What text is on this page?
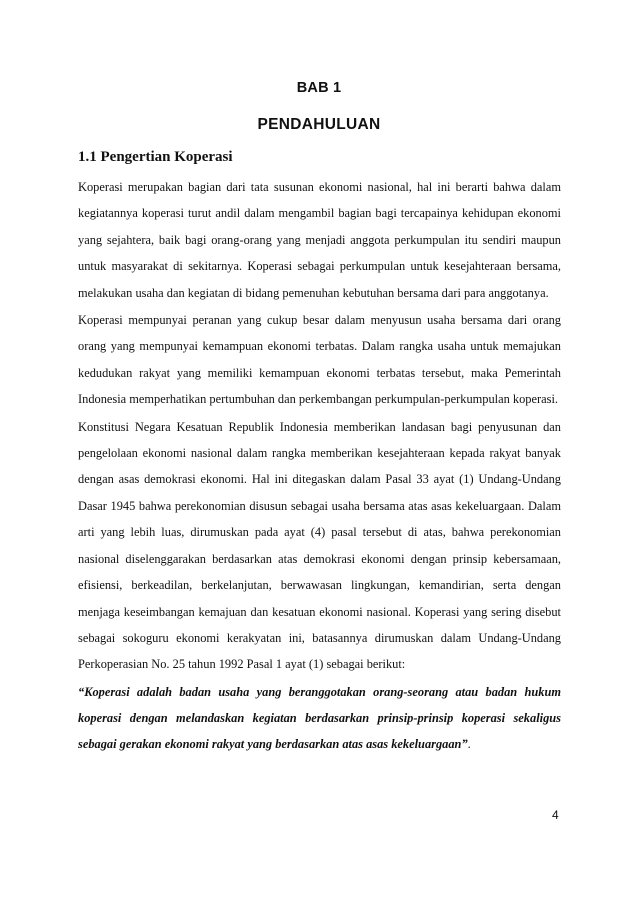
BAB 1
PENDAHULUAN
1.1 Pengertian Koperasi

Koperasi merupakan bagian dari tata susunan ekonomi nasional, hal ini berarti bahwa dalam kegiatannya koperasi turut andil dalam mengambil bagian bagi tercapainya kehidupan ekonomi yang sejahtera, baik bagi orang-orang yang menjadi anggota perkumpulan itu sendiri maupun untuk masyarakat di sekitarnya. Koperasi sebagai perkumpulan untuk kesejahteraan bersama, melakukan usaha dan kegiatan di bidang pemenuhan kebutuhan bersama dari para anggotanya.

Koperasi mempunyai peranan yang cukup besar dalam menyusun usaha bersama dari orang orang yang mempunyai kemampuan ekonomi terbatas. Dalam rangka usaha untuk memajukan kedudukan rakyat yang memiliki kemampuan ekonomi terbatas tersebut, maka Pemerintah Indonesia memperhatikan pertumbuhan dan perkembangan perkumpulan-perkumpulan koperasi.

Konstitusi Negara Kesatuan Republik Indonesia memberikan landasan bagi penyusunan dan pengelolaan ekonomi nasional dalam rangka memberikan kesejahteraan kepada rakyat banyak dengan asas demokrasi ekonomi. Hal ini ditegaskan dalam Pasal 33 ayat (1) Undang-Undang Dasar 1945 bahwa perekonomian disusun sebagai usaha bersama atas asas kekeluargaan. Dalam arti yang lebih luas, dirumuskan pada ayat (4) pasal tersebut di atas, bahwa perekonomian nasional diselenggarakan berdasarkan atas demokrasi ekonomi dengan prinsip kebersamaan, efisiensi, berkeadilan, berkelanjutan, berwawasan lingkungan, kemandirian, serta dengan menjaga keseimbangan kemajuan dan kesatuan ekonomi nasional. Koperasi yang sering disebut sebagai sokoguru ekonomi kerakyatan ini, batasannya dirumuskan dalam Undang-Undang Perkoperasian No. 25 tahun 1992 Pasal 1 ayat (1) sebagai berikut:

“Koperasi adalah badan usaha yang beranggotakan orang-seorang atau badan hukum koperasi dengan melandaskan kegiatan berdasarkan prinsip-prinsip koperasi sekaligus sebagai gerakan ekonomi rakyat yang berdasarkan atas asas kekeluargaan”.

4
